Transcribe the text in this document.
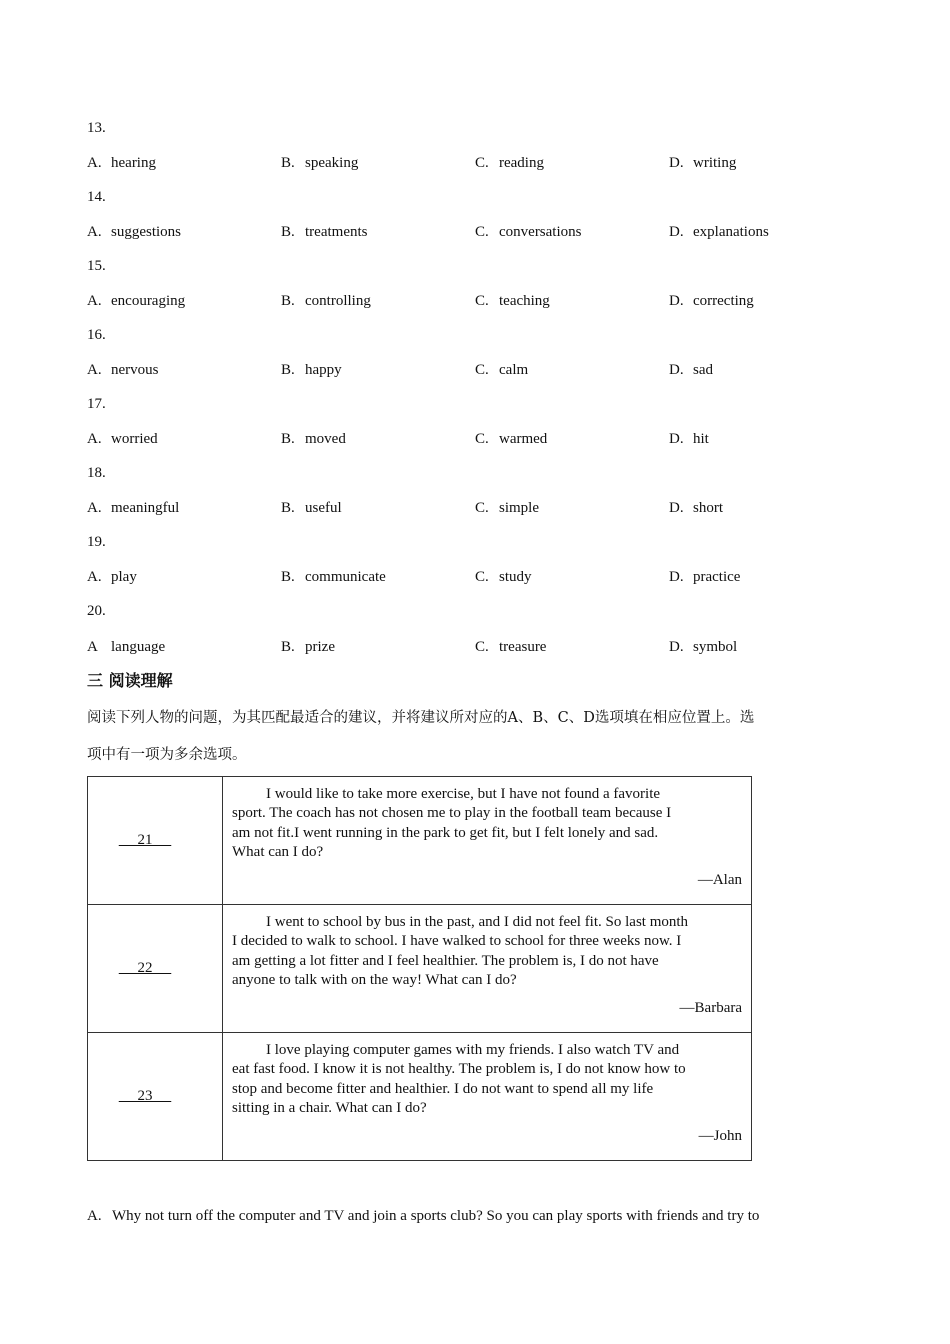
13.
A. hearing	B. speaking	C. reading	D. writing
14.
A. suggestions	B. treatments	C. conversations	D. explanations
15.
A. encouraging	B. controlling	C. teaching	D. correcting
16.
A. nervous	B. happy	C. calm	D. sad
17.
A. worried	B. moved	C. warmed	D. hit
18.
A. meaningful	B. useful	C. simple	D. short
19.
A. play	B. communicate	C. study	D. practice
20.
A language	B. prize	C. treasure	D. symbol
三 阅读理解
阅读下列人物的问题，为其匹配最适合的建议，并将建议所对应的A、B、C、D选项填在相应位置上。选
项中有一项为多余选项。
21	I would like to take more exercise, but I have not found a favorite
sport. The coach has not chosen me to play in the football team because I
am not fit.I went running in the park to get fit, but I felt lonely and sad.
What can I do?
—Alan

22	I went to school by bus in the past, and I did not feel fit. So last month
I decided to walk to school. I have walked to school for three weeks now. I
am getting a lot fitter and I feel healthier. The problem is, I do not have
anyone to talk with on the way! What can I do?
—Barbara

23	I love playing computer games with my friends. I also watch TV and
eat fast food. I know it is not healthy. The problem is, I do not know how to
stop and become fitter and healthier. I do not want to spend all my life
sitting in a chair. What can I do?
—John
A. Why not turn off the computer and TV and join a sports club? So you can play sports with friends and try to
